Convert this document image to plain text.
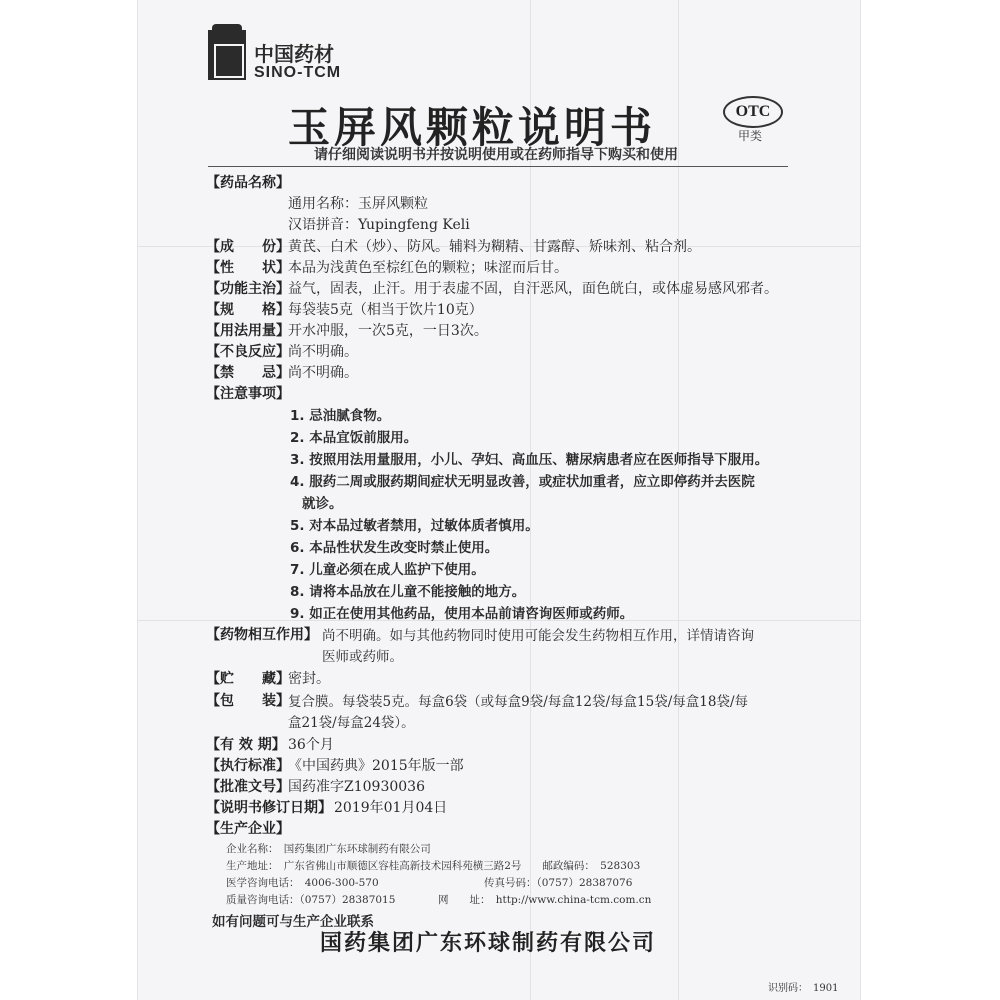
中国药材
SINO-TCM
玉屏风颗粒说明书	OTC
甲类
请仔细阅读说明书并按说明使用或在药师指导下购买和使用
【药品名称】
通用名称：玉屏风颗粒
汉语拼音：Yupingfeng Keli
【成　　份】
黄芪、白术（炒）、防风。辅料为糊精、甘露醇、矫味剂、粘合剂。
【性　　状】
本品为浅黄色至棕红色的颗粒；味涩而后甘。
【功能主治】
益气，固表，止汗。用于表虚不固，自汗恶风，面色㿠白，或体虚易感风邪者。
【规　　格】
每袋装5克（相当于饮片10克）
【用法用量】
开水冲服，一次5克，一日3次。
【不良反应】
尚不明确。
【禁　　忌】
尚不明确。
【注意事项】
1. 忌油腻食物。
2. 本品宜饭前服用。
3. 按照用法用量服用，小儿、孕妇、高血压、糖尿病患者应在医师指导下服用。
4. 服药二周或服药期间症状无明显改善，或症状加重者，应立即停药并去医院
就诊。
5. 对本品过敏者禁用，过敏体质者慎用。
6. 本品性状发生改变时禁止使用。
7. 儿童必须在成人监护下使用。
8. 请将本品放在儿童不能接触的地方。
9. 如正在使用其他药品，使用本品前请咨询医师或药师。
【药物相互作用】 尚不明确。如与其他药物同时使用可能会发生药物相互作用，详情请咨询
医师或药师。
【贮　　藏】
密封。
【包　　装】
复合膜。每袋装5克。每盒6袋（或每盒9袋/每盒12袋/每盒15袋/每盒18袋/每
盒21袋/每盒24袋）。
【有 效 期】 36个月
【执行标准】
《中国药典》2015年版一部
【批准文号】
国药准字Z10930036
【说明书修订日期】 2019年01月04日
【生产企业】
企业名称：　国药集团广东环球制药有限公司
生产地址：　广东省佛山市顺德区容桂高新技术园科苑横三路2号　　邮政编码：　528303
医学咨询电话：　4006-300-570	传真号码：（0757）28387076
质量咨询电话：（0757）28387015	网　　址：　http://www.china-tcm.com.cn
如有问题可与生产企业联系
国药集团广东环球制药有限公司
识别码：　1901
